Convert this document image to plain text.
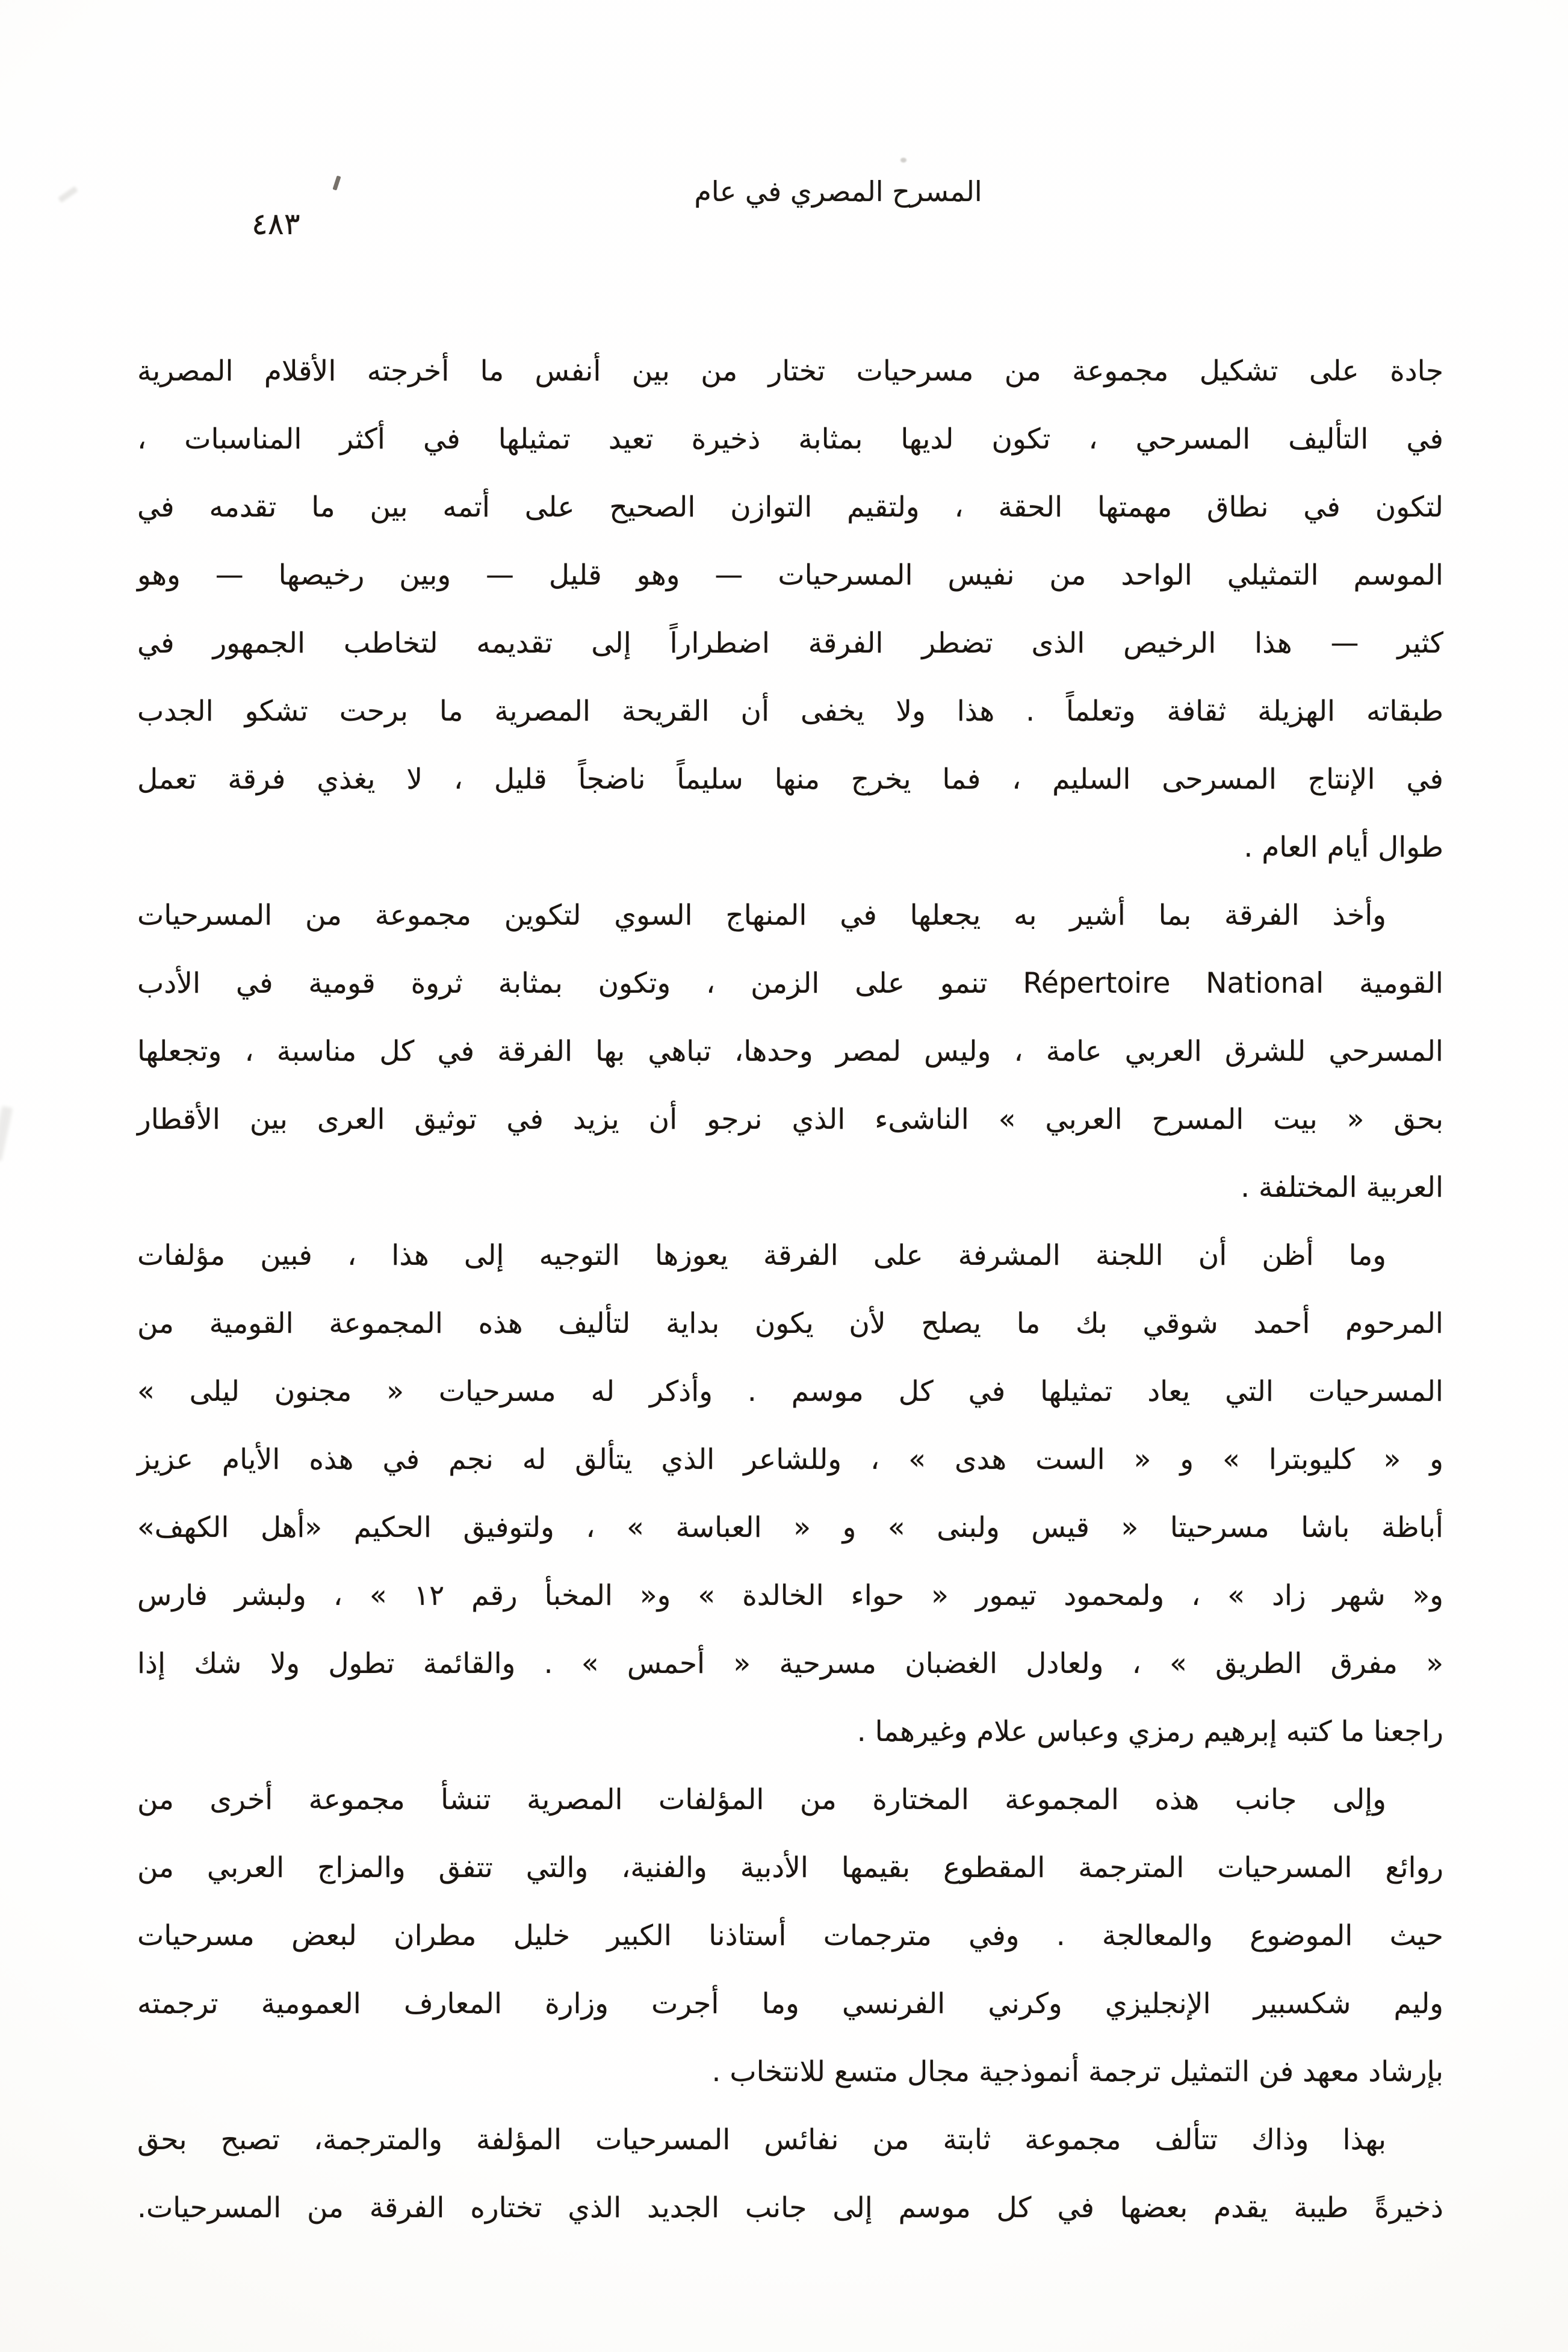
المسرح المصري في عام
٤٨٣
جادة على تشكيل مجموعة من مسرحيات تختار من بين أنفس ما أخرجته الأقلام المصرية
في التأليف المسرحي ، تكون لديها بمثابة ذخيرة تعيد تمثيلها في أكثر المناسبات ،
لتكون في نطاق مهمتها الحقة ، ولتقيم التوازن الصحيح على أتمه بين ما تقدمه في
الموسم التمثيلي الواحد من نفيس المسرحيات — وهو قليل — وبين رخيصها — وهو
كثير — هذا الرخيص الذى تضطر الفرقة اضطراراً إلى تقديمه لتخاطب الجمهور في
طبقاته الهزيلة ثقافة وتعلماً . هذا ولا يخفى أن القريحة المصرية ما برحت تشكو الجدب
في الإنتاج المسرحى السليم ، فما يخرج منها سليماً ناضجاً قليل ، لا يغذي فرقة تعمل
طوال أيام العام .
وأخذ الفرقة بما أشير به يجعلها في المنهاج السوي لتكوين مجموعة من المسرحيات
القومية Répertoire National تنمو على الزمن ، وتكون بمثابة ثروة قومية في الأدب
المسرحي للشرق العربي عامة ، وليس لمصر وحدها، تباهي بها الفرقة في كل مناسبة ، وتجعلها
بحق « بيت المسرح العربي » الناشىء الذي نرجو أن يزيد في توثيق العرى بين الأقطار
العربية المختلفة .
وما أظن أن اللجنة المشرفة على الفرقة يعوزها التوجيه إلى هذا ، فبين مؤلفات
المرحوم أحمد شوقي بك ما يصلح لأن يكون بداية لتأليف هذه المجموعة القومية من
المسرحيات التي يعاد تمثيلها في كل موسم . وأذكر له مسرحيات « مجنون ليلى »
و « كليوبترا » و « الست هدى » ، وللشاعر الذي يتألق له نجم في هذه الأيام عزيز
أباظة باشا مسرحيتا « قيس ولبنى » و « العباسة » ، ولتوفيق الحكيم «أهل الكهف»
و« شهر زاد » ، ولمحمود تيمور « حواء الخالدة » و« المخبأ رقم ١٢ » ، ولبشر فارس
« مفرق الطريق » ، ولعادل الغضبان مسرحية « أحمس » . والقائمة تطول ولا شك إذا
راجعنا ما كتبه إبرهيم رمزي وعباس علام وغيرهما .
وإلى جانب هذه المجموعة المختارة من المؤلفات المصرية تنشأ مجموعة أخرى من
روائع المسرحيات المترجمة المقطوع بقيمها الأدبية والفنية، والتي تتفق والمزاج العربي من
حيث الموضوع والمعالجة . وفي مترجمات أستاذنا الكبير خليل مطران لبعض مسرحيات
وليم شكسبير الإنجليزي وكرني الفرنسي وما أجرت وزارة المعارف العمومية ترجمته
بإرشاد معهد فن التمثيل ترجمة أنموذجية مجال متسع للانتخاب .
بهذا وذاك تتألف مجموعة ثابتة من نفائس المسرحيات المؤلفة والمترجمة، تصبح بحق
ذخيرةً طيبة يقدم بعضها في كل موسم إلى جانب الجديد الذي تختاره الفرقة من المسرحيات.
